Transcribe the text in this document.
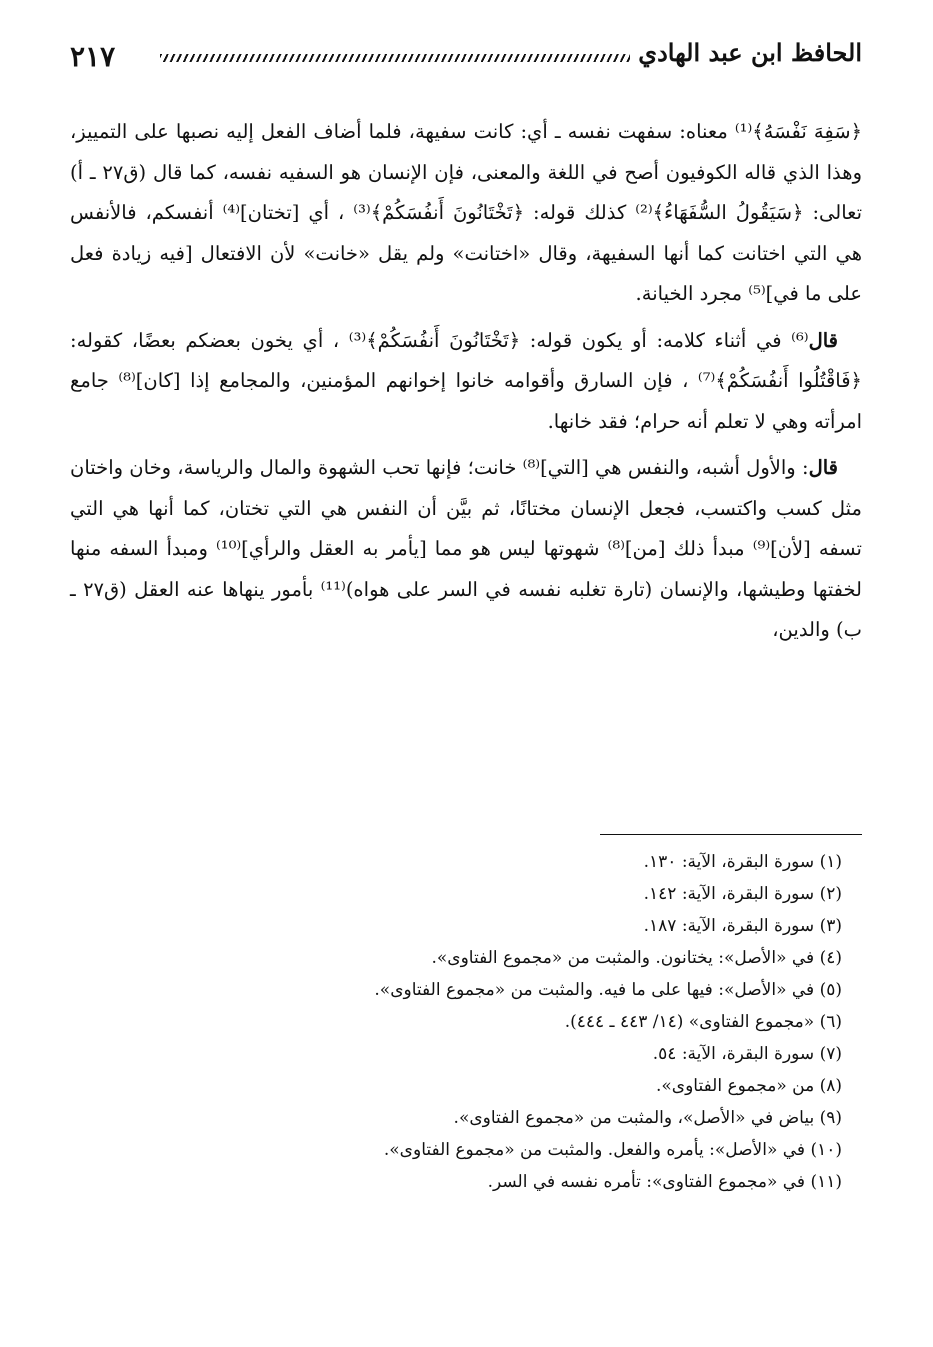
٢١٧	الحافظ ابن عبد الهادي

﴿سَفِهَ نَفْسَهُ﴾⁽¹⁾ معناه: سفهت نفسه ـ أي: كانت سفيهة، فلما أضاف الفعل إليه نصبها على التمييز، وهذا الذي قاله الكوفيون أصح في اللغة والمعنى، فإن الإنسان هو السفيه نفسه، كما قال (ق٢٧ ـ أ) تعالى: ﴿سَيَقُولُ السُّفَهَاءُ﴾⁽²⁾ كذلك قوله: ﴿تَخْتَانُونَ أَنفُسَكُمْ﴾⁽³⁾ ، أي [تختان]⁽⁴⁾ أنفسكم، فالأنفس هي التي اختانت كما أنها السفيهة، وقال «اختانت» ولم يقل «خانت» لأن الافتعال [فيه زيادة فعل على ما في]⁽⁵⁾ مجرد الخيانة.

قال⁽⁶⁾ في أثناء كلامه: أو يكون قوله: ﴿تَخْتَانُونَ أَنفُسَكُمْ﴾⁽³⁾ ، أي يخون بعضكم بعضًا، كقوله: ﴿فَاقْتُلُوا أَنفُسَكُمْ﴾⁽⁷⁾ ، فإن السارق وأقوامه خانوا إخوانهم المؤمنين، والمجامع إذا [كان]⁽⁸⁾ جامع امرأته وهي لا تعلم أنه حرام؛ فقد خانها.

قال: والأول أشبه، والنفس هي [التي]⁽⁸⁾ خانت؛ فإنها تحب الشهوة والمال والرياسة، وخان واختان مثل كسب واكتسب، فجعل الإنسان مختانًا، ثم بيَّن أن النفس هي التي تختان، كما أنها هي التي تسفه [لأن]⁽⁹⁾ مبدأ ذلك [من]⁽⁸⁾ شهوتها ليس هو مما [يأمر به العقل والرأي]⁽¹⁰⁾ ومبدأ السفه منها لخفتها وطيشها، والإنسان (تارة تغلبه نفسه في السر على هواه)⁽¹¹⁾ بأمور ينهاها عنه العقل (ق٢٧ ـ ب) والدين،

(١) سورة البقرة، الآية: ١٣٠.
(٢) سورة البقرة، الآية: ١٤٢.
(٣) سورة البقرة، الآية: ١٨٧.
(٤) في «الأصل»: يختانون. والمثبت من «مجموع الفتاوى».
(٥) في «الأصل»: فيها على ما فيه. والمثبت من «مجموع الفتاوى».
(٦) «مجموع الفتاوى» (١٤/ ٤٤٣ ـ ٤٤٤).
(٧) سورة البقرة، الآية: ٥٤.
(٨) من «مجموع الفتاوى».
(٩) بياض في «الأصل»، والمثبت من «مجموع الفتاوى».
(١٠) في «الأصل»: يأمره والفعل. والمثبت من «مجموع الفتاوى».
(١١) في «مجموع الفتاوى»: تأمره نفسه في السر.
